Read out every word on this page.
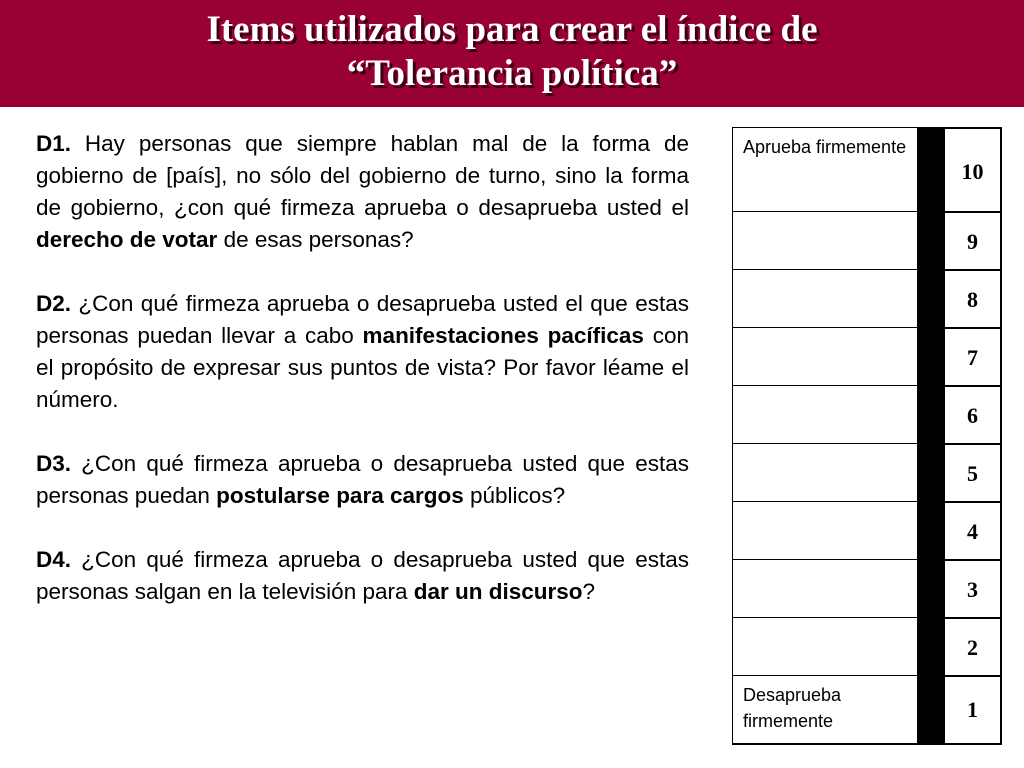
Items utilizados para crear el índice de
“Tolerancia política”

D1. Hay personas que siempre hablan mal de la forma de gobierno de [país], no sólo del gobierno de turno, sino la forma de gobierno, ¿con qué firmeza aprueba o desaprueba usted el derecho de votar de esas personas?

D2. ¿Con qué firmeza aprueba o desaprueba usted el que estas personas puedan llevar a cabo manifestaciones pacíficas con el propósito de expresar sus puntos de vista? Por favor léame el número.

D3. ¿Con qué firmeza aprueba o desaprueba usted que estas personas puedan postularse para cargos públicos?

D4. ¿Con qué firmeza aprueba o desaprueba usted que estas personas salgan en la televisión para dar un discurso?

Aprueba firmemente
Desaprueba firmemente
10
9
8
7
6
5
4
3
2
1
